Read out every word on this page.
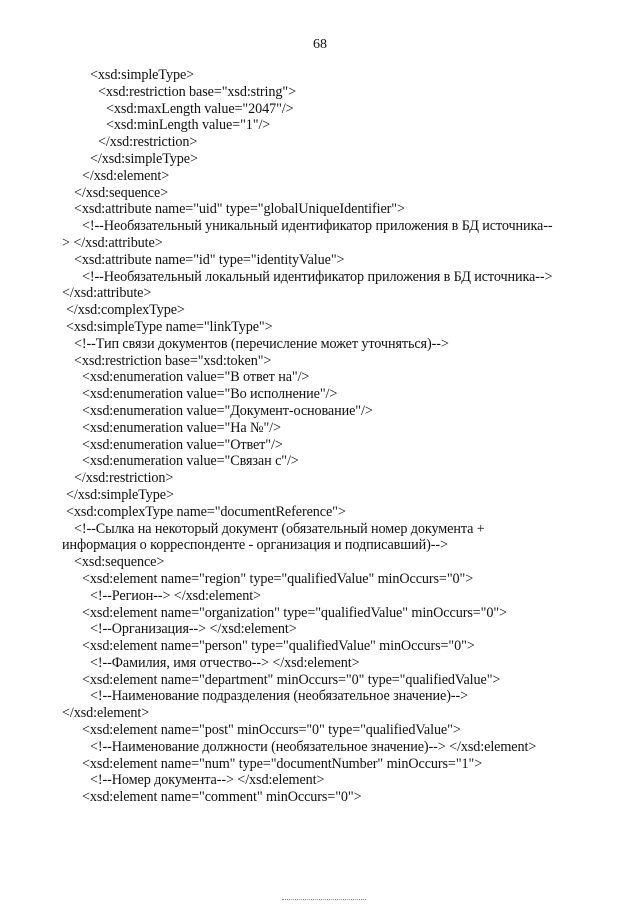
68
<xsd:simpleType>
<xsd:restriction base="xsd:string">
<xsd:maxLength value="2047"/>
<xsd:minLength value="1"/>
</xsd:restriction>
</xsd:simpleType>
</xsd:element>
</xsd:sequence>
<xsd:attribute name="uid" type="globalUniqueIdentifier">
<!--Необязательный уникальный идентификатор приложения в БД источника--
> </xsd:attribute>
<xsd:attribute name="id" type="identityValue">
<!--Необязательный локальный идентификатор приложения в БД источника-->
</xsd:attribute>
</xsd:complexType>
<xsd:simpleType name="linkType">
<!--Тип связи документов (перечисление может уточняться)-->
<xsd:restriction base="xsd:token">
<xsd:enumeration value="В ответ на"/>
<xsd:enumeration value="Во исполнение"/>
<xsd:enumeration value="Документ-основание"/>
<xsd:enumeration value="На №"/>
<xsd:enumeration value="Ответ"/>
<xsd:enumeration value="Связан с"/>
</xsd:restriction>
</xsd:simpleType>
<xsd:complexType name="documentReference">
<!--Сылка на некоторый документ (обязательный номер документа +
информация о корреспонденте - организация и подписавший)-->
<xsd:sequence>
<xsd:element name="region" type="qualifiedValue" minOccurs="0">
<!--Регион--> </xsd:element>
<xsd:element name="organization" type="qualifiedValue" minOccurs="0">
<!--Организация--> </xsd:element>
<xsd:element name="person" type="qualifiedValue" minOccurs="0">
<!--Фамилия, имя отчество--> </xsd:element>
<xsd:element name="department" minOccurs="0" type="qualifiedValue">
<!--Наименование подразделения (необязательное значение)-->
</xsd:element>
<xsd:element name="post" minOccurs="0" type="qualifiedValue">
<!--Наименование должности (необязательное значение)--> </xsd:element>
<xsd:element name="num" type="documentNumber" minOccurs="1">
<!--Номер документа--> </xsd:element>
<xsd:element name="comment" minOccurs="0">
